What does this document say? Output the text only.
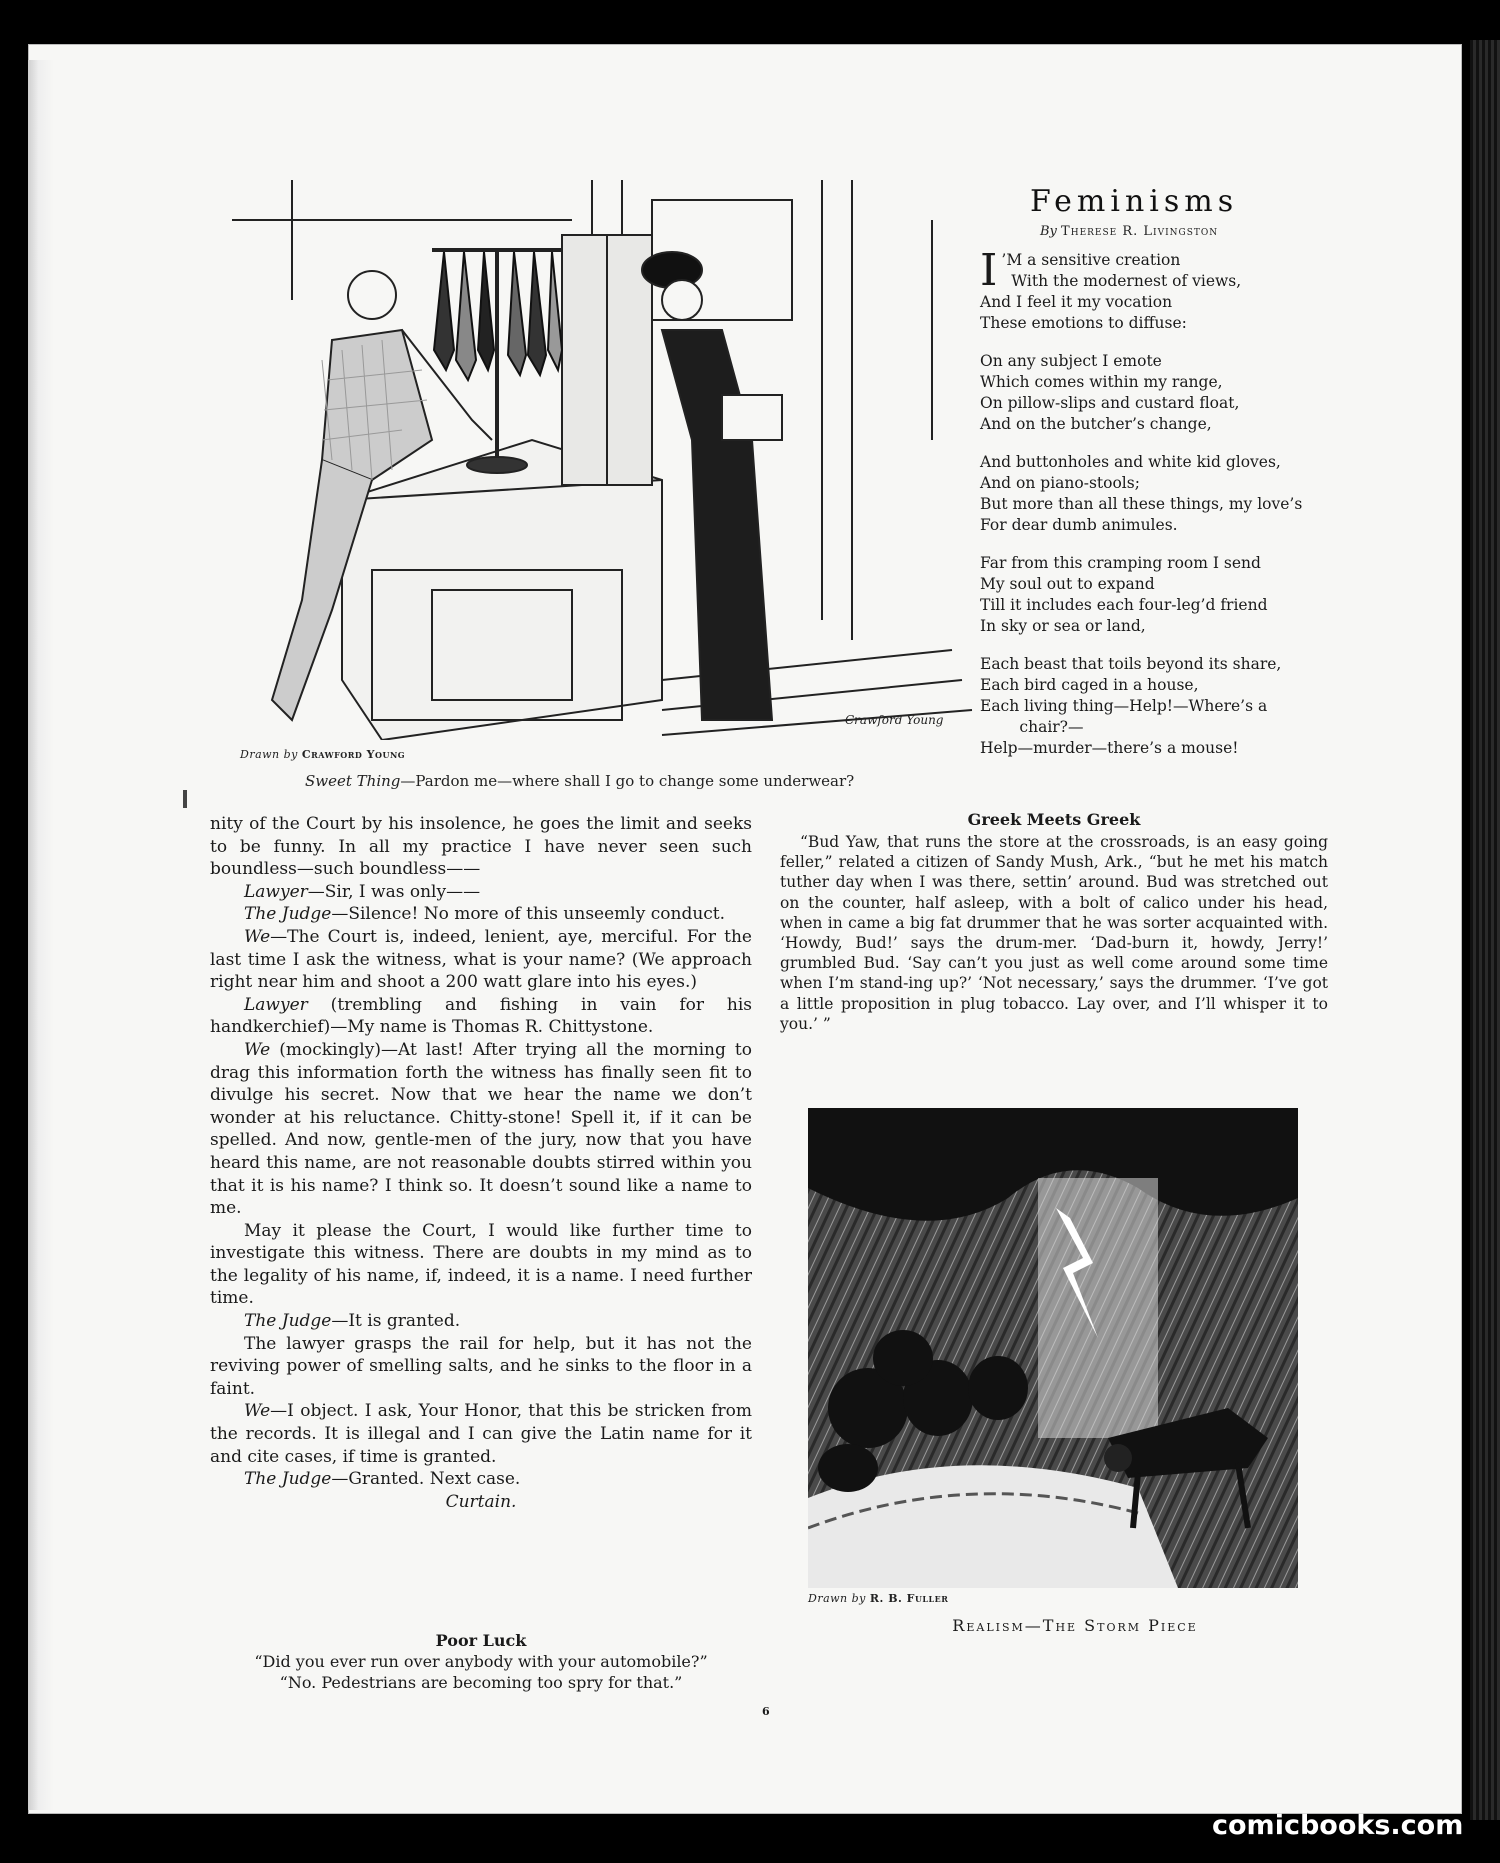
Crawford Young
Drawn by Crawford Young
Sweet Thing—Pardon me—where shall I go to change some underwear?
Feminisms
By Therese R. Livingston
I ’M a sensitive creation

With the modernest of views,

And I feel it my vocation

These emotions to diffuse:

On any subject I emote

Which comes within my range,

On pillow-slips and custard float,

And on the butcher’s change,

And buttonholes and white kid gloves,

And on piano-stools;

But more than all these things, my love’s

For dear dumb animules.

Far from this cramping room I send

My soul out to expand

Till it includes each four-leg’d friend

In sky or sea or land,

Each beast that toils beyond its share,

Each bird caged in a house,

Each living thing—Help!—Where’s a

chair?—

Help—murder—there’s a mouse!

nity of the Court by his insolence, he goes the limit and seeks to be funny. In all my practice I have never seen such boundless—such boundless——

Lawyer—Sir, I was only——

The Judge—Silence! No more of this unseemly conduct.

We—The Court is, indeed, lenient, aye, merciful. For the last time I ask the witness, what is your name? (We approach right near him and shoot a 200 watt glare into his eyes.)

Lawyer (trembling and fishing in vain for his handkerchief)—My name is Thomas R. Chittystone.

We (mockingly)—At last! After trying all the morning to drag this information forth the witness has finally seen fit to divulge his secret. Now that we hear the name we don’t wonder at his reluctance. Chitty-stone! Spell it, if it can be spelled. And now, gentle-men of the jury, now that you have heard this name, are not reasonable doubts stirred within you that it is his name? I think so. It doesn’t sound like a name to me.

May it please the Court, I would like further time to investigate this witness. There are doubts in my mind as to the legality of his name, if, indeed, it is a name. I need further time.

The Judge—It is granted.

The lawyer grasps the rail for help, but it has not the reviving power of smelling salts, and he sinks to the floor in a faint.

We—I object. I ask, Your Honor, that this be stricken from the records. It is illegal and I can give the Latin name for it and cite cases, if time is granted.

The Judge—Granted. Next case.

Curtain.

Poor Luck

“Did you ever run over anybody with your automobile?”

“No. Pedestrians are becoming too spry for that.”

Greek Meets Greek

“Bud Yaw, that runs the store at the crossroads, is an easy going feller,” related a citizen of Sandy Mush, Ark., “but he met his match tuther day when I was there, settin’ around. Bud was stretched out on the counter, half asleep, with a bolt of calico under his head, when in came a big fat drummer that he was sorter acquainted with. ‘Howdy, Bud!’ says the drum-mer. ‘Dad-burn it, howdy, Jerry!’ grumbled Bud. ‘Say can’t you just as well come around some time when I’m stand-ing up?’ ‘Not necessary,’ says the drummer. ‘I’ve got a little proposition in plug tobacco. Lay over, and I’ll whisper it to you.’ ”

Drawn by R. B. Fuller
Realism—The Storm Piece
6
comicbooks.com
